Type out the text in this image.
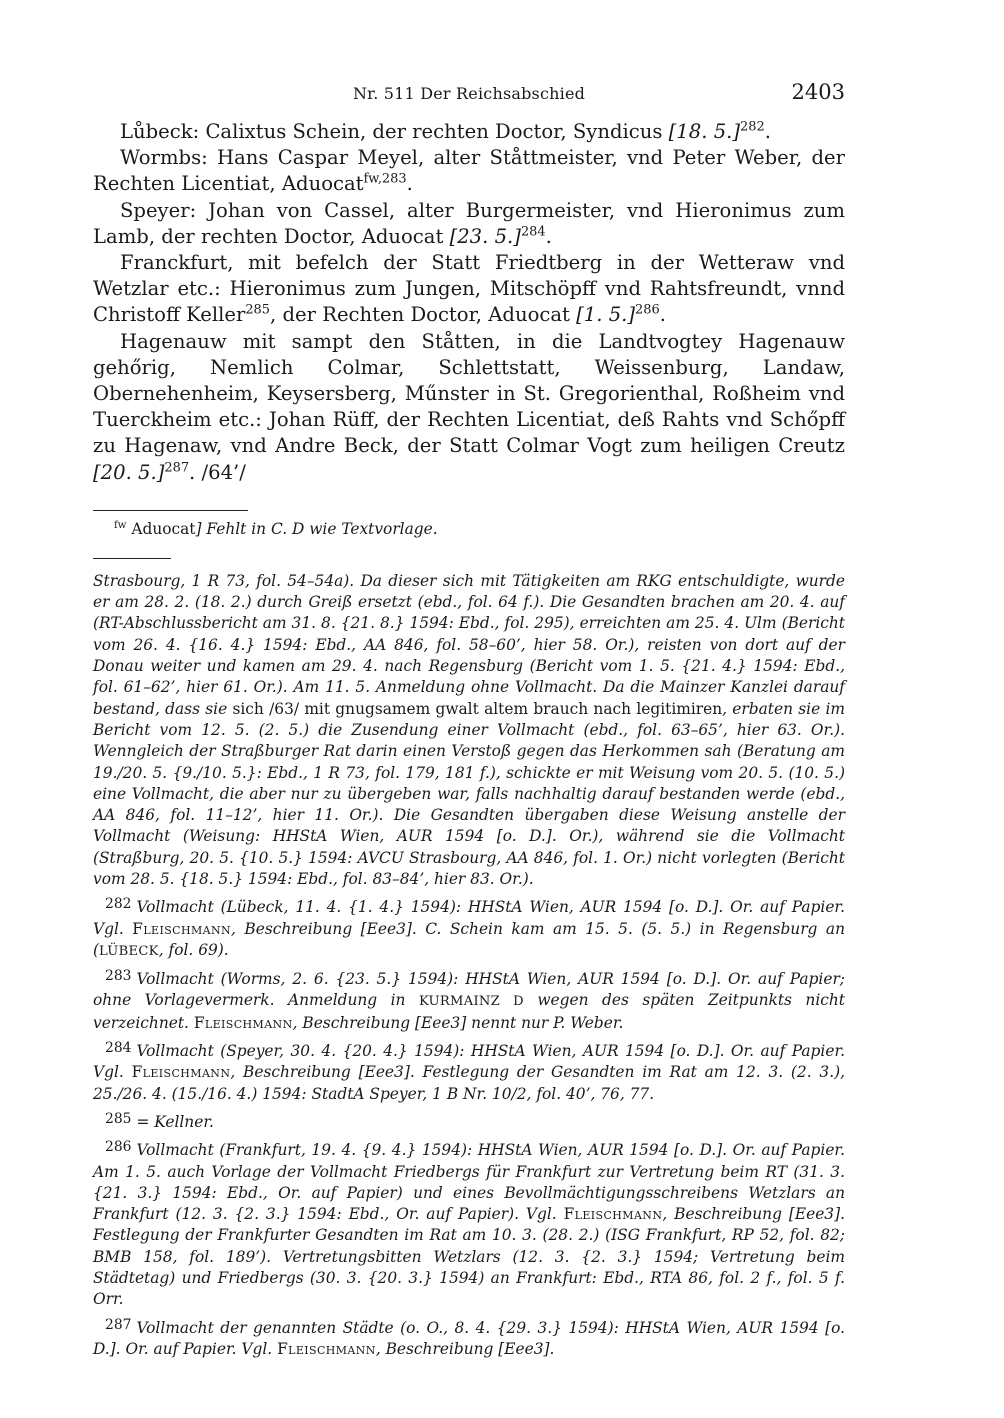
Nr. 511 Der Reichsabschied	2403

Lůbeck: Calixtus Schein, der rechten Doctor, Syndicus [18. 5.]$^{282}$.

Wormbs: Hans Caspar Meyel, alter Ståttmeister, vnd Peter Weber, der Rechten Licentiat, Aduocat$^{fw,283}$.

Speyer: Johan von Cassel, alter Burgermeister, vnd Hieronimus zum Lamb, der rechten Doctor, Aduocat [23. 5.]$^{284}$.

Franckfurt, mit befelch der Statt Friedtberg in der Wetteraw vnd Wetzlar etc.: Hieronimus zum Jungen, Mitschöpff vnd Rahtsfreundt, vnnd Christoff Keller$^{285}$, der Rechten Doctor, Aduocat [1. 5.]$^{286}$.

Hagenauw mit sampt den Ståtten, in die Landtvogtey Hagenauw gehőrig, Nemlich Colmar, Schlettstatt, Weissenburg, Landaw, Obernehenheim, Keysersberg, Műnster in St. Gregorienthal, Roßheim vnd Tuerckheim etc.: Johan Rüff, der Rechten Licentiat, deß Rahts vnd Schőpff zu Hagenaw, vnd Andre Beck, der Statt Colmar Vogt zum heiligen Creutz [20. 5.]$^{287}$. /64’/

$^{fw}$ Aduocat] Fehlt in C. D wie Textvorlage.

Strasbourg, 1 R 73, fol. 54–54a). Da dieser sich mit Tätigkeiten am RKG entschuldigte, wurde er am 28. 2. (18. 2.) durch Greiß ersetzt (ebd., fol. 64 f.). Die Gesandten brachen am 20. 4. auf (RT-Abschlussbericht am 31. 8. {21. 8.} 1594: Ebd., fol. 295), erreichten am 25. 4. Ulm (Bericht vom 26. 4. {16. 4.} 1594: Ebd., AA 846, fol. 58–60’, hier 58. Or.), reisten von dort auf der Donau weiter und kamen am 29. 4. nach Regensburg (Bericht vom 1. 5. {21. 4.} 1594: Ebd., fol. 61–62’, hier 61. Or.). Am 11. 5. Anmeldung ohne Vollmacht. Da die Mainzer Kanzlei darauf bestand, dass sie sich /63/ mit gnugsamem gwalt altem brauch nach legitimiren, erbaten sie im Bericht vom 12. 5. (2. 5.) die Zusendung einer Vollmacht (ebd., fol. 63–65’, hier 63. Or.). Wenngleich der Straßburger Rat darin einen Verstoß gegen das Herkommen sah (Beratung am 19./20. 5. {9./10. 5.}: Ebd., 1 R 73, fol. 179, 181 f.), schickte er mit Weisung vom 20. 5. (10. 5.) eine Vollmacht, die aber nur zu übergeben war, falls nachhaltig darauf bestanden werde (ebd., AA 846, fol. 11–12’, hier 11. Or.). Die Gesandten übergaben diese Weisung anstelle der Vollmacht (Weisung: HHStA Wien, AUR 1594 [o. D.]. Or.), während sie die Vollmacht (Straßburg, 20. 5. {10. 5.} 1594: AVCU Strasbourg, AA 846, fol. 1. Or.) nicht vorlegten (Bericht vom 28. 5. {18. 5.} 1594: Ebd., fol. 83–84’, hier 83. Or.).

282 Vollmacht (Lübeck, 11. 4. {1. 4.} 1594): HHStA Wien, AUR 1594 [o. D.]. Or. auf Papier. Vgl. Fleischmann, Beschreibung [Eee3]. C. Schein kam am 15. 5. (5. 5.) in Regensburg an (LÜBECK, fol. 69).

283 Vollmacht (Worms, 2. 6. {23. 5.} 1594): HHStA Wien, AUR 1594 [o. D.]. Or. auf Papier; ohne Vorlagevermerk. Anmeldung in KURMAINZ D wegen des späten Zeitpunkts nicht verzeichnet. Fleischmann, Beschreibung [Eee3] nennt nur P. Weber.

284 Vollmacht (Speyer, 30. 4. {20. 4.} 1594): HHStA Wien, AUR 1594 [o. D.]. Or. auf Papier. Vgl. Fleischmann, Beschreibung [Eee3]. Festlegung der Gesandten im Rat am 12. 3. (2. 3.), 25./26. 4. (15./16. 4.) 1594: StadtA Speyer, 1 B Nr. 10/2, fol. 40’, 76, 77.

285 = Kellner.

286 Vollmacht (Frankfurt, 19. 4. {9. 4.} 1594): HHStA Wien, AUR 1594 [o. D.]. Or. auf Papier. Am 1. 5. auch Vorlage der Vollmacht Friedbergs für Frankfurt zur Vertretung beim RT (31. 3. {21. 3.} 1594: Ebd., Or. auf Papier) und eines Bevollmächtigungsschreibens Wetzlars an Frankfurt (12. 3. {2. 3.} 1594: Ebd., Or. auf Papier). Vgl. Fleischmann, Beschreibung [Eee3]. Festlegung der Frankfurter Gesandten im Rat am 10. 3. (28. 2.) (ISG Frankfurt, RP 52, fol. 82; BMB 158, fol. 189’). Vertretungsbitten Wetzlars (12. 3. {2. 3.} 1594; Vertretung beim Städtetag) und Friedbergs (30. 3. {20. 3.} 1594) an Frankfurt: Ebd., RTA 86, fol. 2 f., fol. 5 f. Orr.

287 Vollmacht der genannten Städte (o. O., 8. 4. {29. 3.} 1594): HHStA Wien, AUR 1594 [o. D.]. Or. auf Papier. Vgl. Fleischmann, Beschreibung [Eee3].
